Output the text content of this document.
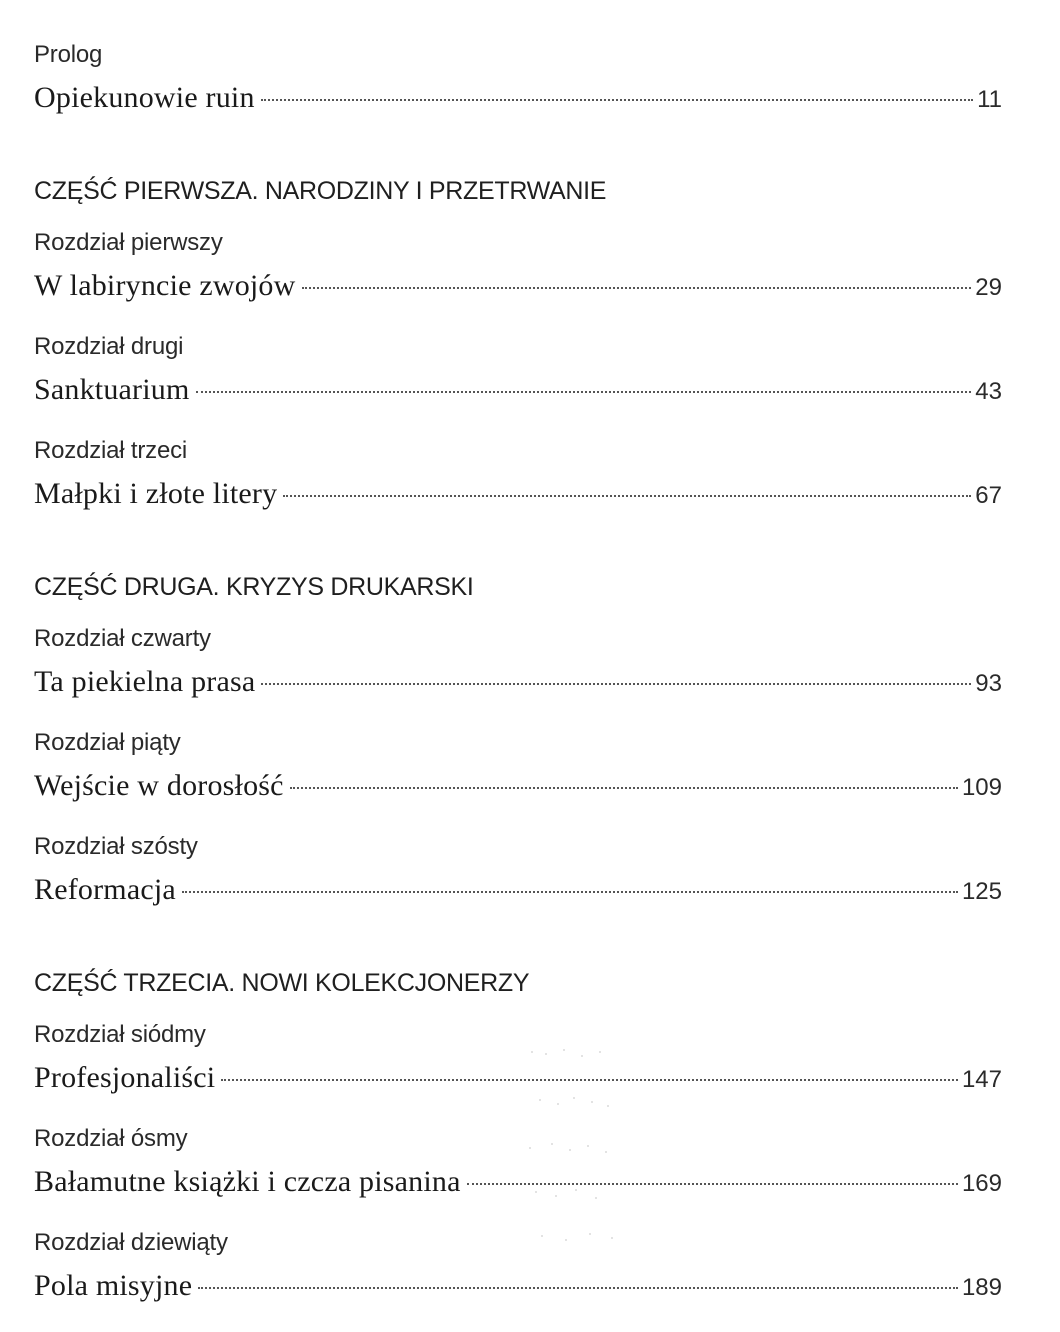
Prolog
Opiekunowie ruin	11
CZĘŚĆ PIERWSZA. NARODZINY I PRZETRWANIE
Rozdział pierwszy
W labiryncie zwojów	29
Rozdział drugi
Sanktuarium	43
Rozdział trzeci
Małpki i złote litery	67
CZĘŚĆ DRUGA. KRYZYS DRUKARSKI
Rozdział czwarty
Ta piekielna prasa	93
Rozdział piąty
Wejście w dorosłość	109
Rozdział szósty
Reformacja	125
CZĘŚĆ TRZECIA. NOWI KOLEKCJONERZY
Rozdział siódmy
Profesjonaliści	147
Rozdział ósmy
Bałamutne książki i czcza pisanina	169
Rozdział dziewiąty
Pola misyjne	189
